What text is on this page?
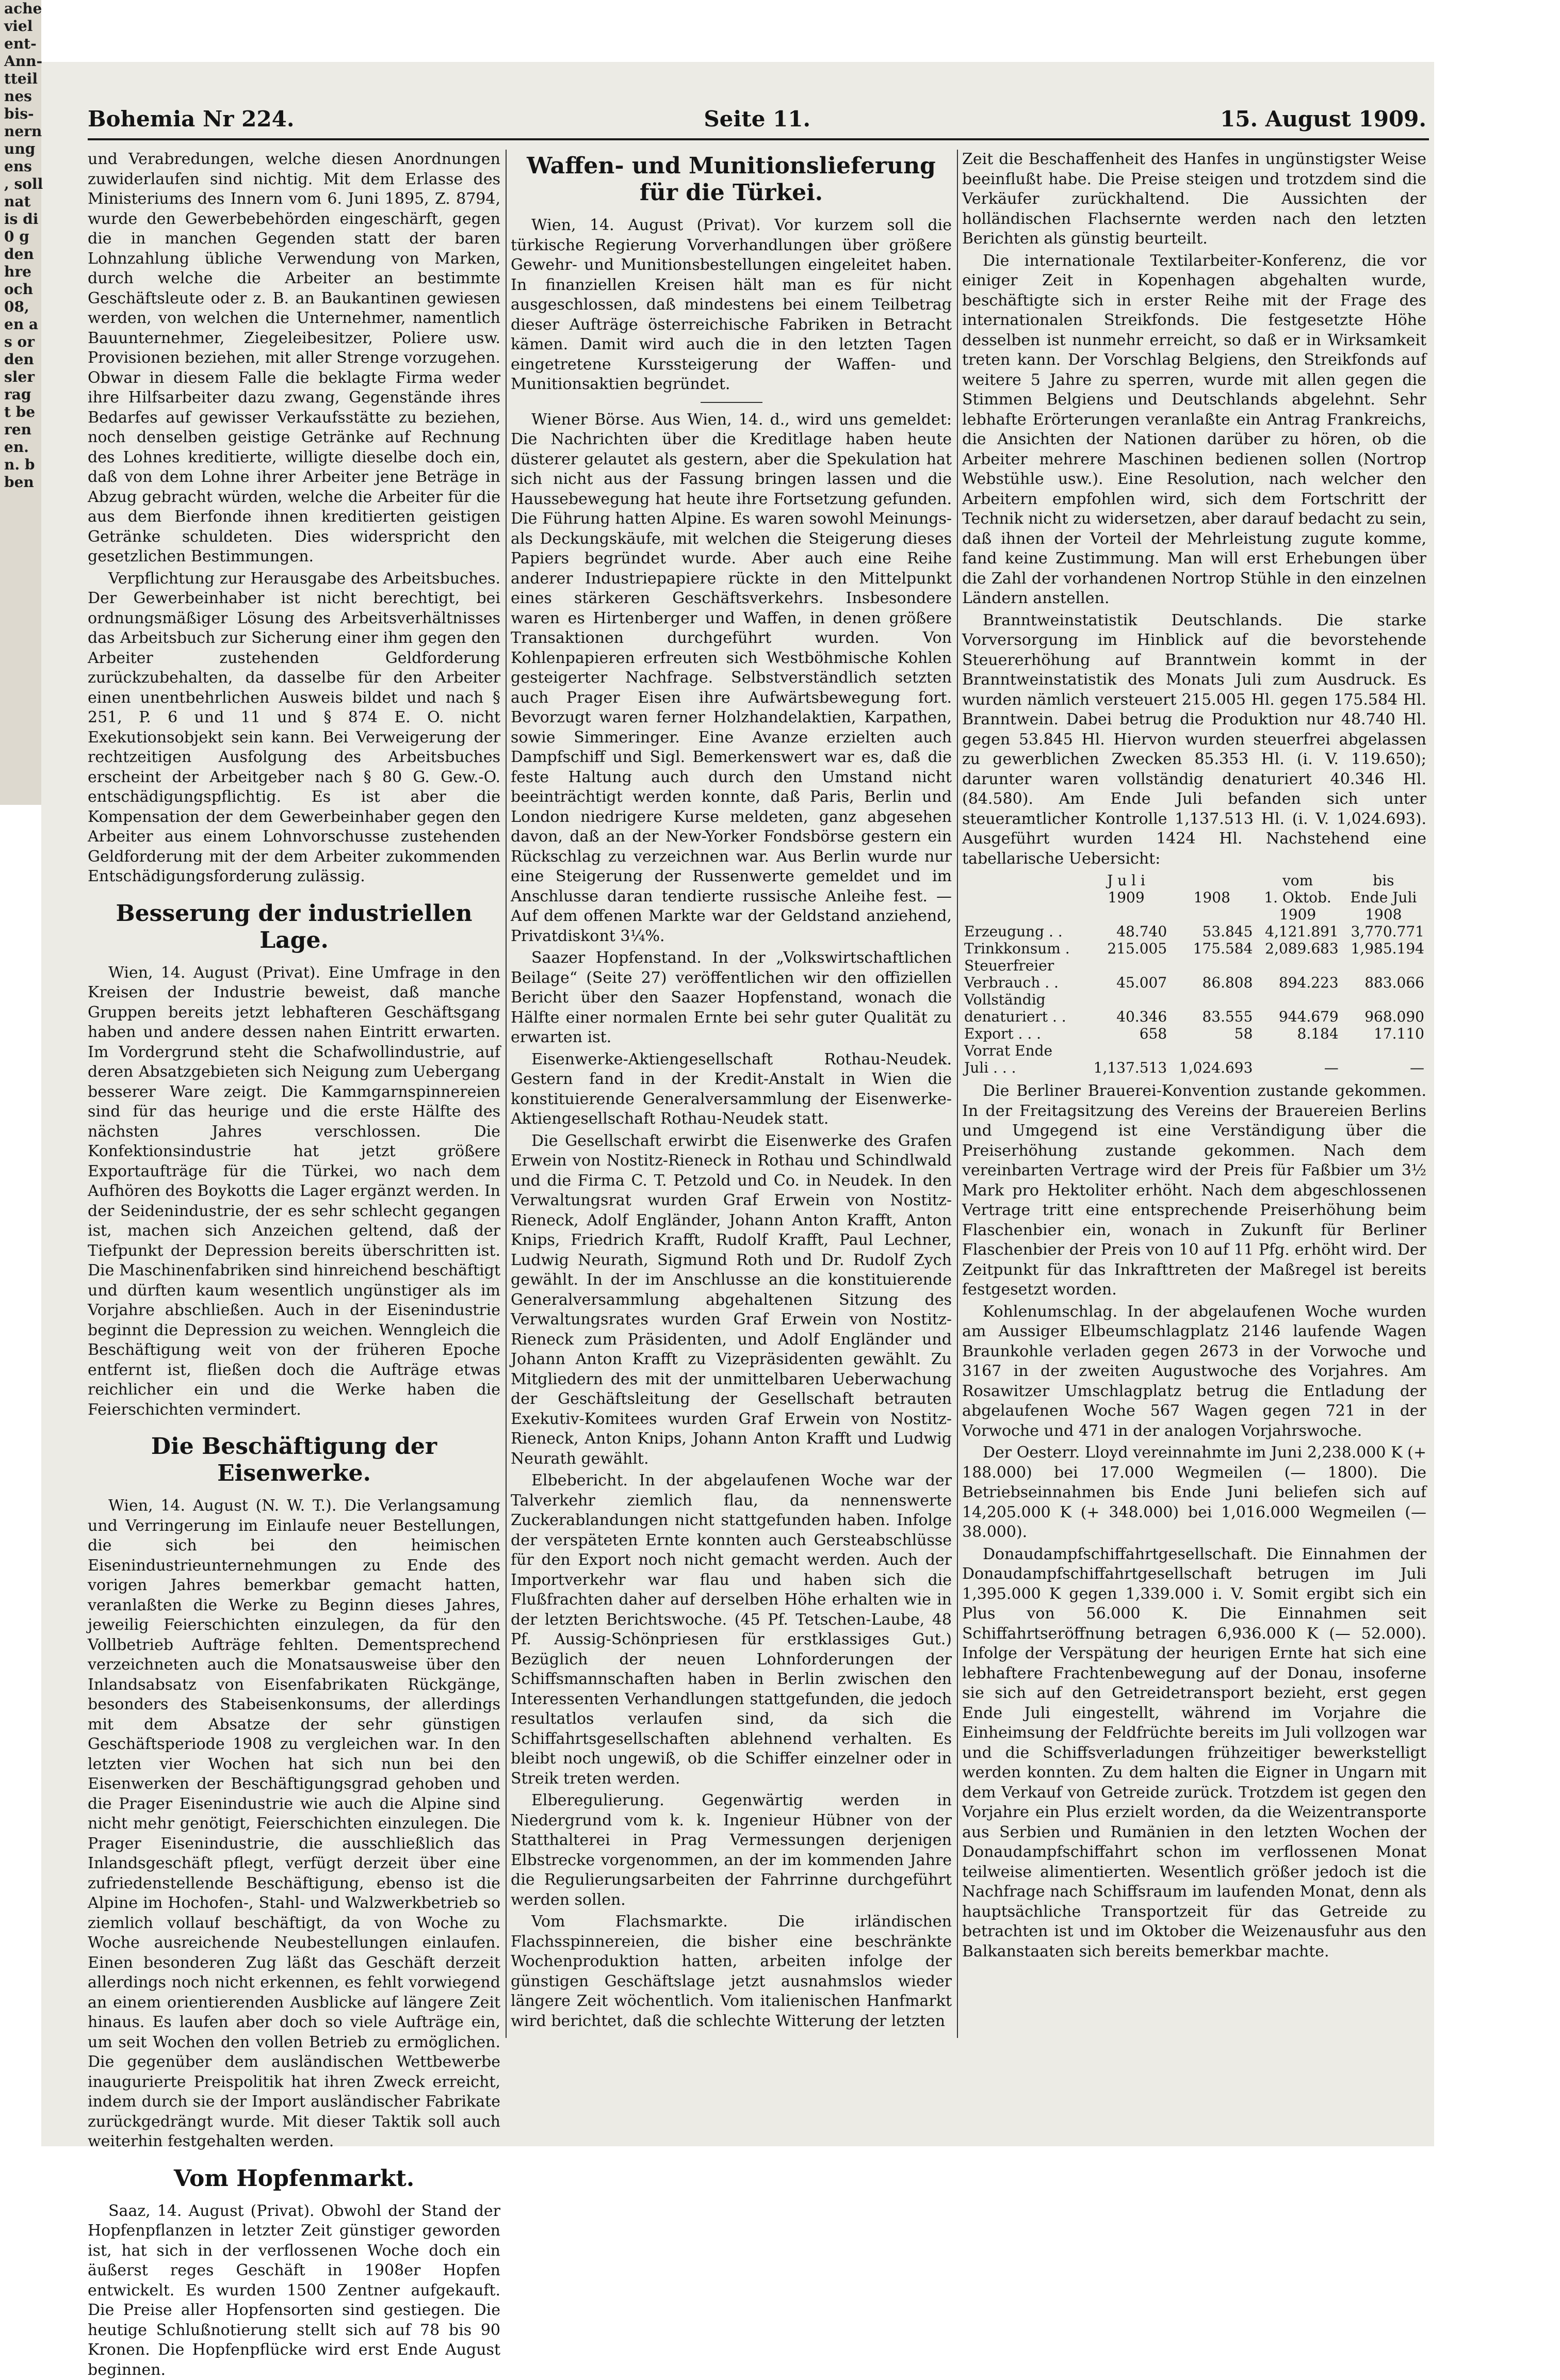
ache
viel
ent-
Ann-
tteil
nes
bis-
nern
ung
ens
, soll
nat
is di
0 g
den
hre
och
08,
en a
s or
den
sler
rag
t be
ren
en.
n. b
ben
Bohemia Nr 224.	Seite 11.	15. August 1909.

und Verabredungen, welche diesen Anordnungen zuwiderlaufen sind nichtig. Mit dem Erlasse des Ministeriums des Innern vom 6. Juni 1895, Z. 8794, wurde den Gewerbebehörden eingeschärft, gegen die in manchen Gegenden statt der baren Lohnzahlung übliche Verwendung von Marken, durch welche die Arbeiter an bestimmte Geschäftsleute oder z. B. an Baukantinen gewiesen werden, von welchen die Unternehmer, namentlich Bauunternehmer, Ziegeleibesitzer, Poliere usw. Provisionen beziehen, mit aller Strenge vorzugehen. Obwar in diesem Falle die beklagte Firma weder ihre Hilfsarbeiter dazu zwang, Gegenstände ihres Bedarfes auf gewisser Verkaufsstätte zu beziehen, noch denselben geistige Getränke auf Rechnung des Lohnes kreditierte, willigte dieselbe doch ein, daß von dem Lohne ihrer Arbeiter jene Beträge in Abzug gebracht würden, welche die Arbeiter für die aus dem Bierfonde ihnen kreditierten geistigen Getränke schuldeten. Dies widerspricht den gesetzlichen Bestimmungen.

Verpflichtung zur Herausgabe des Arbeitsbuches. Der Gewerbeinhaber ist nicht berechtigt, bei ordnungsmäßiger Lösung des Arbeitsverhältnisses das Arbeitsbuch zur Sicherung einer ihm gegen den Arbeiter zustehenden Geldforderung zurückzubehalten, da dasselbe für den Arbeiter einen unentbehrlichen Ausweis bildet und nach § 251, P. 6 und 11 und § 874 E. O. nicht Exekutionsobjekt sein kann. Bei Verweigerung der rechtzeitigen Ausfolgung des Arbeitsbuches erscheint der Arbeitgeber nach § 80 G. Gew.-O. entschädigungspflichtig. Es ist aber die Kompensation der dem Gewerbeinhaber gegen den Arbeiter aus einem Lohnvorschusse zustehenden Geldforderung mit der dem Arbeiter zukommenden Entschädigungsforderung zulässig.

Besserung der industriellen Lage.

Wien, 14. August (Privat). Eine Umfrage in den Kreisen der Industrie beweist, daß manche Gruppen bereits jetzt lebhafteren Geschäftsgang haben und andere dessen nahen Eintritt erwarten. Im Vordergrund steht die Schafwollindustrie, auf deren Absatzgebieten sich Neigung zum Uebergang besserer Ware zeigt. Die Kammgarnspinnereien sind für das heurige und die erste Hälfte des nächsten Jahres verschlossen. Die Konfektionsindustrie hat jetzt größere Exportaufträge für die Türkei, wo nach dem Aufhören des Boykotts die Lager ergänzt werden. In der Seidenindustrie, der es sehr schlecht gegangen ist, machen sich Anzeichen geltend, daß der Tiefpunkt der Depression bereits überschritten ist. Die Maschinenfabriken sind hinreichend beschäftigt und dürften kaum wesentlich ungünstiger als im Vorjahre abschließen. Auch in der Eisenindustrie beginnt die Depression zu weichen. Wenngleich die Beschäftigung weit von der früheren Epoche entfernt ist, fließen doch die Aufträge etwas reichlicher ein und die Werke haben die Feierschichten vermindert.

Die Beschäftigung der Eisenwerke.

Wien, 14. August (N. W. T.). Die Verlangsamung und Verringerung im Einlaufe neuer Bestellungen, die sich bei den heimischen Eisenindustrieunternehmungen zu Ende des vorigen Jahres bemerkbar gemacht hatten, veranlaßten die Werke zu Beginn dieses Jahres, jeweilig Feierschichten einzulegen, da für den Vollbetrieb Aufträge fehlten. Dementsprechend verzeichneten auch die Monatsausweise über den Inlandsabsatz von Eisenfabrikaten Rückgänge, besonders des Stabeisenkonsums, der allerdings mit dem Absatze der sehr günstigen Geschäftsperiode 1908 zu vergleichen war. In den letzten vier Wochen hat sich nun bei den Eisenwerken der Beschäftigungsgrad gehoben und die Prager Eisenindustrie wie auch die Alpine sind nicht mehr genötigt, Feierschichten einzulegen. Die Prager Eisenindustrie, die ausschließlich das Inlandsgeschäft pflegt, verfügt derzeit über eine zufriedenstellende Beschäftigung, ebenso ist die Alpine im Hochofen-, Stahl- und Walzwerkbetrieb so ziemlich vollauf beschäftigt, da von Woche zu Woche ausreichende Neubestellungen einlaufen. Einen besonderen Zug läßt das Geschäft derzeit allerdings noch nicht erkennen, es fehlt vorwiegend an einem orientierenden Ausblicke auf längere Zeit hinaus. Es laufen aber doch so viele Aufträge ein, um seit Wochen den vollen Betrieb zu ermöglichen. Die gegenüber dem ausländischen Wettbewerbe inaugurierte Preispolitik hat ihren Zweck erreicht, indem durch sie der Import ausländischer Fabrikate zurückgedrängt wurde. Mit dieser Taktik soll auch weiterhin festgehalten werden.

Vom Hopfenmarkt.

Saaz, 14. August (Privat). Obwohl der Stand der Hopfenpflanzen in letzter Zeit günstiger geworden ist, hat sich in der verflossenen Woche doch ein äußerst reges Geschäft in 1908er Hopfen entwickelt. Es wurden 1500 Zentner aufgekauft. Die Preise aller Hopfensorten sind gestiegen. Die heutige Schlußnotierung stellt sich auf 78 bis 90 Kronen. Die Hopfenpflücke wird erst Ende August beginnen.

Waffen- und Munitionslieferung für die Türkei.

Wien, 14. August (Privat). Vor kurzem soll die türkische Regierung Vorverhandlungen über größere Gewehr- und Munitionsbestellungen eingeleitet haben. In finanziellen Kreisen hält man es für nicht ausgeschlossen, daß mindestens bei einem Teilbetrag dieser Aufträge österreichische Fabriken in Betracht kämen. Damit wird auch die in den letzten Tagen eingetretene Kurssteigerung der Waffen- und Munitionsaktien begründet.

Wiener Börse. Aus Wien, 14. d., wird uns gemeldet: Die Nachrichten über die Kreditlage haben heute düsterer gelautet als gestern, aber die Spekulation hat sich nicht aus der Fassung bringen lassen und die Haussebewegung hat heute ihre Fortsetzung gefunden. Die Führung hatten Alpine. Es waren sowohl Meinungs- als Deckungskäufe, mit welchen die Steigerung dieses Papiers begründet wurde. Aber auch eine Reihe anderer Industriepapiere rückte in den Mittelpunkt eines stärkeren Geschäftsverkehrs. Insbesondere waren es Hirtenberger und Waffen, in denen größere Transaktionen durchgeführt wurden. Von Kohlenpapieren erfreuten sich Westböhmische Kohlen gesteigerter Nachfrage. Selbstverständlich setzten auch Prager Eisen ihre Aufwärtsbewegung fort. Bevorzugt waren ferner Holzhandelaktien, Karpathen, sowie Simmeringer. Eine Avanze erzielten auch Dampfschiff und Sigl. Bemerkenswert war es, daß die feste Haltung auch durch den Umstand nicht beeinträchtigt werden konnte, daß Paris, Berlin und London niedrigere Kurse meldeten, ganz abgesehen davon, daß an der New-Yorker Fondsbörse gestern ein Rückschlag zu verzeichnen war. Aus Berlin wurde nur eine Steigerung der Russenwerte gemeldet und im Anschlusse daran tendierte russische Anleihe fest. — Auf dem offenen Markte war der Geldstand anziehend, Privatdiskont 3¼%.

Saazer Hopfenstand. In der „Volkswirtschaftlichen Beilage“ (Seite 27) veröffentlichen wir den offiziellen Bericht über den Saazer Hopfenstand, wonach die Hälfte einer normalen Ernte bei sehr guter Qualität zu erwarten ist.

Eisenwerke-Aktiengesellschaft Rothau-Neudek. Gestern fand in der Kredit-Anstalt in Wien die konstituierende Generalversammlung der Eisenwerke-Aktiengesellschaft Rothau-Neudek statt.

Die Gesellschaft erwirbt die Eisenwerke des Grafen Erwein von Nostitz-Rieneck in Rothau und Schindlwald und die Firma C. T. Petzold und Co. in Neudek. In den Verwaltungsrat wurden Graf Erwein von Nostitz-Rieneck, Adolf Engländer, Johann Anton Krafft, Anton Knips, Friedrich Krafft, Rudolf Krafft, Paul Lechner, Ludwig Neurath, Sigmund Roth und Dr. Rudolf Zych gewählt. In der im Anschlusse an die konstituierende Generalversammlung abgehaltenen Sitzung des Verwaltungsrates wurden Graf Erwein von Nostitz-Rieneck zum Präsidenten, und Adolf Engländer und Johann Anton Krafft zu Vizepräsidenten gewählt. Zu Mitgliedern des mit der unmittelbaren Ueberwachung der Geschäftsleitung der Gesellschaft betrauten Exekutiv-Komitees wurden Graf Erwein von Nostitz-Rieneck, Anton Knips, Johann Anton Krafft und Ludwig Neurath gewählt.

Elbebericht. In der abgelaufenen Woche war der Talverkehr ziemlich flau, da nennenswerte Zuckerablandungen nicht stattgefunden haben. Infolge der verspäteten Ernte konnten auch Gersteabschlüsse für den Export noch nicht gemacht werden. Auch der Importverkehr war flau und haben sich die Flußfrachten daher auf derselben Höhe erhalten wie in der letzten Berichtswoche. (45 Pf. Tetschen-Laube, 48 Pf. Aussig-Schönpriesen für erstklassiges Gut.) Bezüglich der neuen Lohnforderungen der Schiffsmannschaften haben in Berlin zwischen den Interessenten Verhandlungen stattgefunden, die jedoch resultatlos verlaufen sind, da sich die Schiffahrtsgesellschaften ablehnend verhalten. Es bleibt noch ungewiß, ob die Schiffer einzelner oder in Streik treten werden.

Elberegulierung. Gegenwärtig werden in Niedergrund vom k. k. Ingenieur Hübner von der Statthalterei in Prag Vermessungen derjenigen Elbstrecke vorgenommen, an der im kommenden Jahre die Regulierungsarbeiten der Fahrrinne durchgeführt werden sollen.

Vom Flachsmarkte. Die irländischen Flachsspinnereien, die bisher eine beschränkte Wochenproduktion hatten, arbeiten infolge der günstigen Geschäftslage jetzt ausnahmslos wieder längere Zeit wöchentlich. Vom italienischen Hanfmarkt wird berichtet, daß die schlechte Witterung der letzten

Zeit die Beschaffenheit des Hanfes in ungünstigster Weise beeinflußt habe. Die Preise steigen und trotzdem sind die Verkäufer zurückhaltend. Die Aussichten der holländischen Flachsernte werden nach den letzten Berichten als günstig beurteilt.

Die internationale Textilarbeiter-Konferenz, die vor einiger Zeit in Kopenhagen abgehalten wurde, beschäftigte sich in erster Reihe mit der Frage des internationalen Streikfonds. Die festgesetzte Höhe desselben ist nunmehr erreicht, so daß er in Wirksamkeit treten kann. Der Vorschlag Belgiens, den Streikfonds auf weitere 5 Jahre zu sperren, wurde mit allen gegen die Stimmen Belgiens und Deutschlands abgelehnt. Sehr lebhafte Erörterungen veranlaßte ein Antrag Frankreichs, die Ansichten der Nationen darüber zu hören, ob die Arbeiter mehrere Maschinen bedienen sollen (Nortrop Webstühle usw.). Eine Resolution, nach welcher den Arbeitern empfohlen wird, sich dem Fortschritt der Technik nicht zu widersetzen, aber darauf bedacht zu sein, daß ihnen der Vorteil der Mehrleistung zugute komme, fand keine Zustimmung. Man will erst Erhebungen über die Zahl der vorhandenen Nortrop Stühle in den einzelnen Ländern anstellen.

Branntweinstatistik Deutschlands. Die starke Vorversorgung im Hinblick auf die bevorstehende Steuererhöhung auf Branntwein kommt in der Branntweinstatistik des Monats Juli zum Ausdruck. Es wurden nämlich versteuert 215.005 Hl. gegen 175.584 Hl. Branntwein. Dabei betrug die Produktion nur 48.740 Hl. gegen 53.845 Hl. Hiervon wurden steuerfrei abgelassen zu gewerblichen Zwecken 85.353 Hl. (i. V. 119.650); darunter waren vollständig denaturiert 40.346 Hl. (84.580). Am Ende Juli befanden sich unter steueramtlicher Kontrolle 1,137.513 Hl. (i. V. 1,024.693). Ausgeführt wurden 1424 Hl. Nachstehend eine tabellarische Uebersicht:

	J u l i		vom	bis
	1909	1908	1. Oktob.	Ende Juli
			1909	1908
Erzeugung . .	48.740	53.845	4,121.891	3,770.771
Trinkkonsum .	215.005	175.584	2,089.683	1,985.194
Steuerfreier				
Verbrauch . .	45.007	86.808	894.223	883.066
Vollständig				
denaturiert . .	40.346	83.555	944.679	968.090
Export . . .	658	58	8.184	17.110
Vorrat Ende				
Juli . . .	1,137.513	1,024.693	—	—

Die Berliner Brauerei-Konvention zustande gekommen. In der Freitagsitzung des Vereins der Brauereien Berlins und Umgegend ist eine Verständigung über die Preiserhöhung zustande gekommen. Nach dem vereinbarten Vertrage wird der Preis für Faßbier um 3½ Mark pro Hektoliter erhöht. Nach dem abgeschlossenen Vertrage tritt eine entsprechende Preiserhöhung beim Flaschenbier ein, wonach in Zukunft für Berliner Flaschenbier der Preis von 10 auf 11 Pfg. erhöht wird. Der Zeitpunkt für das Inkrafttreten der Maßregel ist bereits festgesetzt worden.

Kohlenumschlag. In der abgelaufenen Woche wurden am Aussiger Elbeumschlagplatz 2146 laufende Wagen Braunkohle verladen gegen 2673 in der Vorwoche und 3167 in der zweiten Augustwoche des Vorjahres. Am Rosawitzer Umschlagplatz betrug die Entladung der abgelaufenen Woche 567 Wagen gegen 721 in der Vorwoche und 471 in der analogen Vorjahrswoche.

Der Oesterr. Lloyd vereinnahmte im Juni 2,238.000 K (+ 188.000) bei 17.000 Wegmeilen (— 1800). Die Betriebseinnahmen bis Ende Juni beliefen sich auf 14,205.000 K (+ 348.000) bei 1,016.000 Wegmeilen (— 38.000).

Donaudampfschiffahrtgesellschaft. Die Einnahmen der Donaudampfschiffahrtgesellschaft betrugen im Juli 1,395.000 K gegen 1,339.000 i. V. Somit ergibt sich ein Plus von 56.000 K. Die Einnahmen seit Schiffahrtseröffnung betragen 6,936.000 K (— 52.000). Infolge der Verspätung der heurigen Ernte hat sich eine lebhaftere Frachtenbewegung auf der Donau, insoferne sie sich auf den Getreidetransport bezieht, erst gegen Ende Juli eingestellt, während im Vorjahre die Einheimsung der Feldfrüchte bereits im Juli vollzogen war und die Schiffsverladungen frühzeitiger bewerkstelligt werden konnten. Zu dem halten die Eigner in Ungarn mit dem Verkauf von Getreide zurück. Trotzdem ist gegen den Vorjahre ein Plus erzielt worden, da die Weizentransporte aus Serbien und Rumänien in den letzten Wochen der Donaudampfschiffahrt schon im verflossenen Monat teilweise alimentierten. Wesentlich größer jedoch ist die Nachfrage nach Schiffsraum im laufenden Monat, denn als hauptsächliche Transportzeit für das Getreide zu betrachten ist und im Oktober die Weizenausfuhr aus den Balkanstaaten sich bereits bemerkbar machte.
